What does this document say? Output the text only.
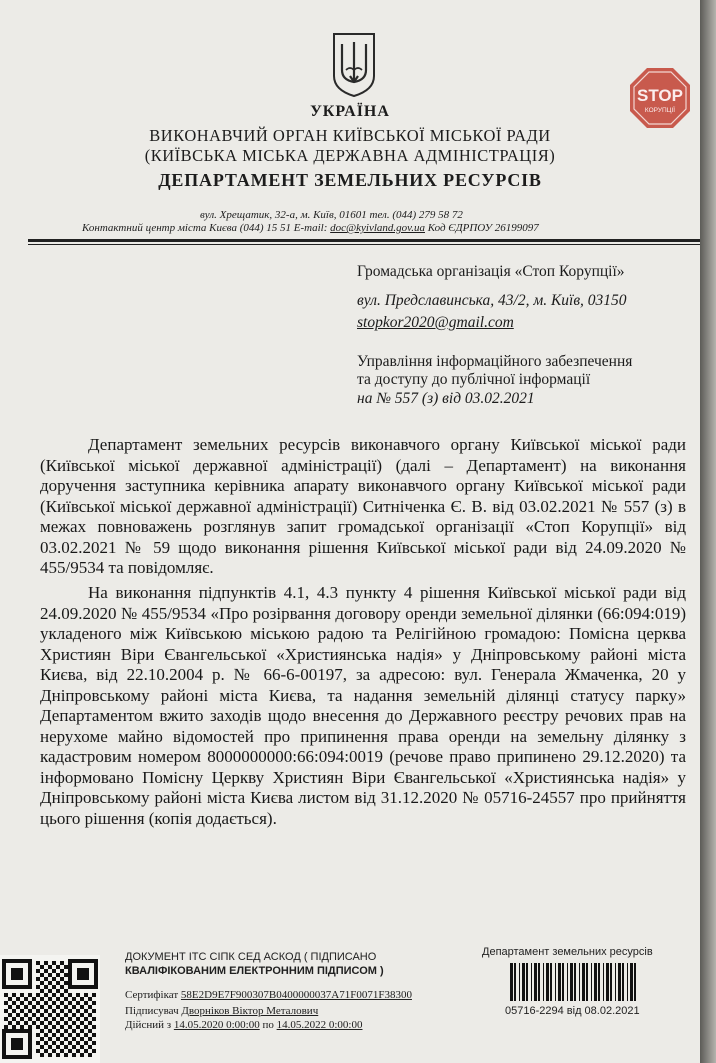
STOP
КОРУПЦІЇ
УКРАЇНА
ВИКОНАВЧИЙ ОРГАН КИЇВСЬКОЇ МІСЬКОЇ РАДИ
(КИЇВСЬКА МІСЬКА ДЕРЖАВНА АДМІНІСТРАЦІЯ)
ДЕПАРТАМЕНТ ЗЕМЕЛЬНИХ РЕСУРСІВ
вул. Хрещатик, 32-а, м. Київ, 01601 тел. (044) 279 58 72
Контактний центр міста Києва (044) 15 51 E-mail: doc@kyivland.gov.ua Код ЄДРПОУ 26199097
Громадська організація «Стоп Корупції»
вул. Предславинська, 43/2, м. Київ, 03150
stopkor2020@gmail.com
Управління інформаційного забезпечення
та доступу до публічної інформації
на № 557 (з) від 03.02.2021
Департамент земельних ресурсів виконавчого органу Київської міської ради (Київської міської державної адміністрації) (далі – Департамент) на виконання доручення заступника керівника апарату виконавчого органу Київської міської ради (Київської міської державної адміністрації) Ситнiченка Є. В. від 03.02.2021 № 557 (з) в межах повноважень розглянув запит громадської організації «Стоп Корупції» від 03.02.2021 № 59 щодо виконання рішення Київської міської ради від 24.09.2020 № 455/9534 та повідомляє.
На виконання підпунктів 4.1, 4.3 пункту 4 рішення Київської міської ради від 24.09.2020 № 455/9534 «Про розірвання договору оренди земельної ділянки (66:094:019) укладеного між Київською міською радою та Релігійною громадою: Помісна церква Християн Віри Євангельської «Християнська надія» у Дніпровському районі міста Києва, від 22.10.2004 р. № 66-6-00197, за адресою: вул. Генерала Жмаченка, 20 у Дніпровському районі міста Києва, та надання земельній ділянці статусу парку» Департаментом вжито заходів щодо внесення до Державного реєстру речових прав на нерухоме майно відомостей про припинення права оренди на земельну ділянку з кадастровим номером 8000000000:66:094:0019 (речове право припинено 29.12.2020) та інформовано Помісну Церкву Християн Віри Євангельської «Християнська надія» у Дніпровському районі міста Києва листом від 31.12.2020 № 05716-24557 про прийняття цього рішення (копія додається).
ДОКУМЕНТ ІТС СІПК СЕД АСКОД ( ПІДПИСАНО
КВАЛІФІКОВАНИМ ЕЛЕКТРОННИМ ПІДПИСОМ )
Сертифікат 58E2D9E7F900307B0400000037A71F0071F38300
Підписувач Дворніков Віктор Металович
Дійсний з 14.05.2020 0:00:00 по 14.05.2022 0:00:00
Департамент земельних ресурсів
05716-2294 від 08.02.2021
